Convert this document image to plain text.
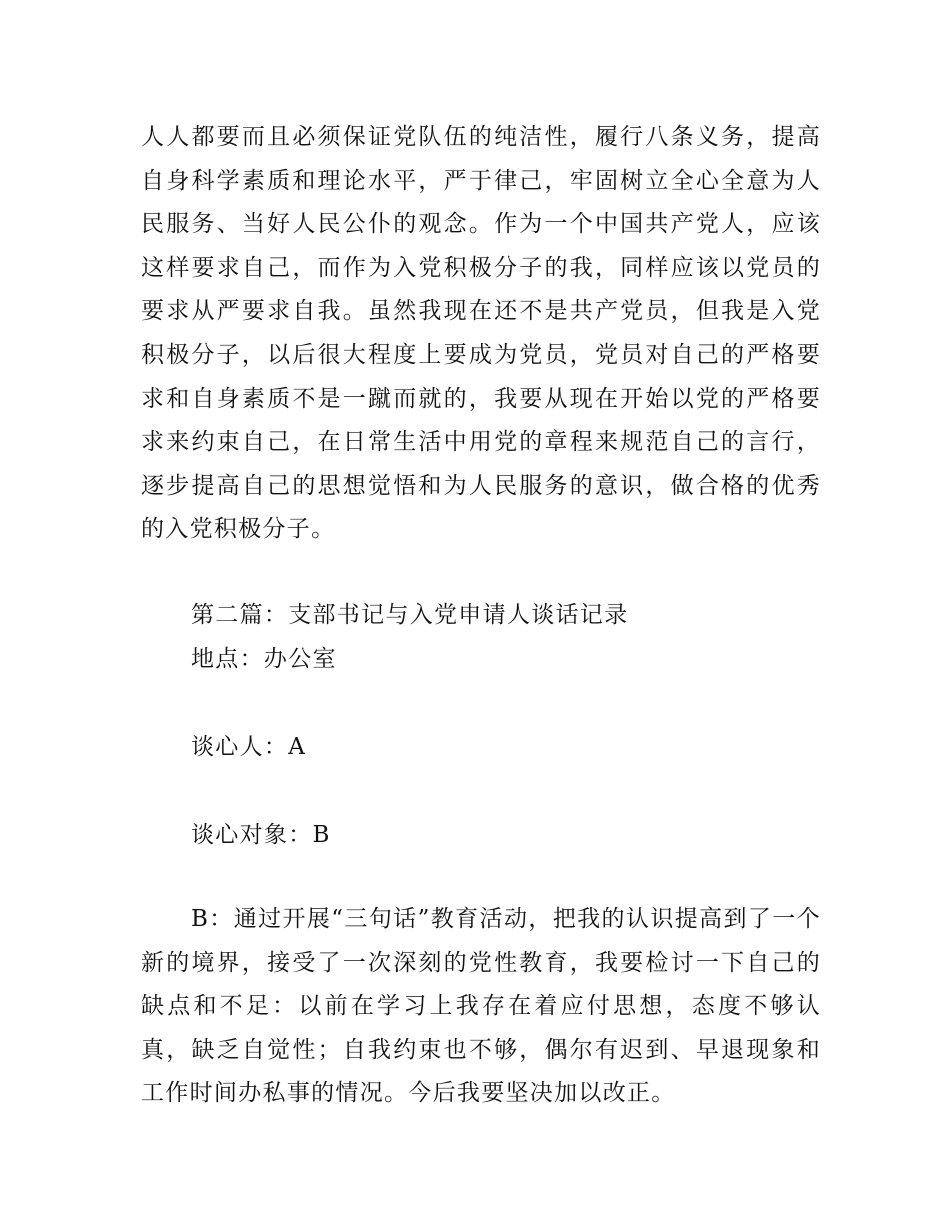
人人都要而且必须保证党队伍的纯洁性，履行八条义务，提高自身科学素质和理论水平，严于律己，牢固树立全心全意为人民服务、当好人民公仆的观念。作为一个中国共产党人，应该这样要求自己，而作为入党积极分子的我，同样应该以党员的要求从严要求自我。虽然我现在还不是共产党员，但我是入党积极分子，以后很大程度上要成为党员，党员对自己的严格要求和自身素质不是一蹴而就的，我要从现在开始以党的严格要求来约束自己，在日常生活中用党的章程来规范自己的言行，逐步提高自己的思想觉悟和为人民服务的意识，做合格的优秀的入党积极分子。

第二篇：支部书记与入党申请人谈话记录

地点：办公室

谈心人：A

谈心对象：B

B：通过开展“三句话”教育活动，把我的认识提高到了一个新的境界，接受了一次深刻的党性教育，我要检讨一下自己的缺点和不足：以前在学习上我存在着应付思想，态度不够认真，缺乏自觉性；自我约束也不够，偶尔有迟到、早退现象和工作时间办私事的情况。今后我要坚决加以改正。
